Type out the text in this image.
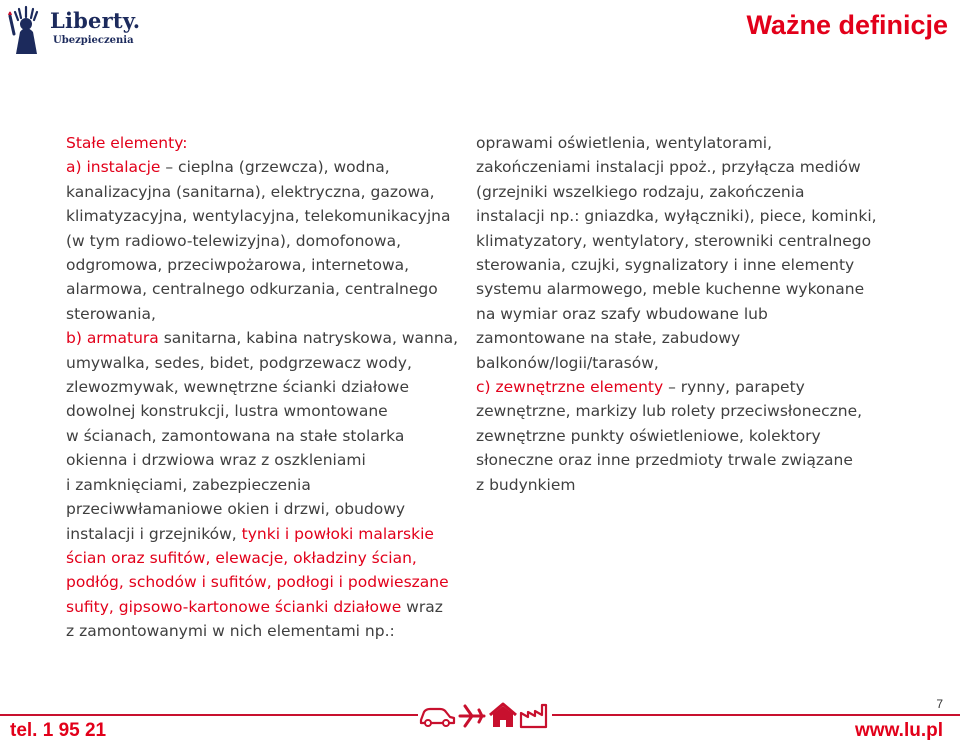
Liberty.
Ubezpieczenia
Ważne definicje
Stałe elementy:
a) instalacje – cieplna (grzewcza), wodna,
kanalizacyjna (sanitarna), elektryczna, gazowa,
klimatyzacyjna, wentylacyjna, telekomunikacyjna
(w tym radiowo-telewizyjna), domofonowa,
odgromowa, przeciwpożarowa, internetowa,
alarmowa, centralnego odkurzania, centralnego
sterowania,
b) armatura sanitarna, kabina natryskowa, wanna,
umywalka, sedes, bidet, podgrzewacz wody,
zlewozmywak, wewnętrzne ścianki działowe
dowolnej konstrukcji, lustra wmontowane
w ścianach, zamontowana na stałe stolarka
okienna i drzwiowa wraz z oszkleniami
i zamknięciami, zabezpieczenia
przeciwwłamaniowe okien i drzwi, obudowy
instalacji i grzejników, tynki i powłoki malarskie
ścian oraz sufitów, elewacje, okładziny ścian,
podłóg, schodów i sufitów, podłogi i podwieszane
sufity, gipsowo-kartonowe ścianki działowe wraz
z zamontowanymi w nich elementami np.:
oprawami oświetlenia, wentylatorami,
zakończeniami instalacji ppoż., przyłącza mediów
(grzejniki wszelkiego rodzaju, zakończenia
instalacji np.: gniazdka, wyłączniki), piece, kominki,
klimatyzatory, wentylatory, sterowniki centralnego
sterowania, czujki, sygnalizatory i inne elementy
systemu alarmowego, meble kuchenne wykonane
na wymiar oraz szafy wbudowane lub
zamontowane na stałe, zabudowy
balkonów/logii/tarasów,
c) zewnętrzne elementy – rynny, parapety
zewnętrzne, markizy lub rolety przeciwsłoneczne,
zewnętrzne punkty oświetleniowe, kolektory
słoneczne oraz inne przedmioty trwale związane
z budynkiem
7
tel. 1 95 21	www.lu.pl
